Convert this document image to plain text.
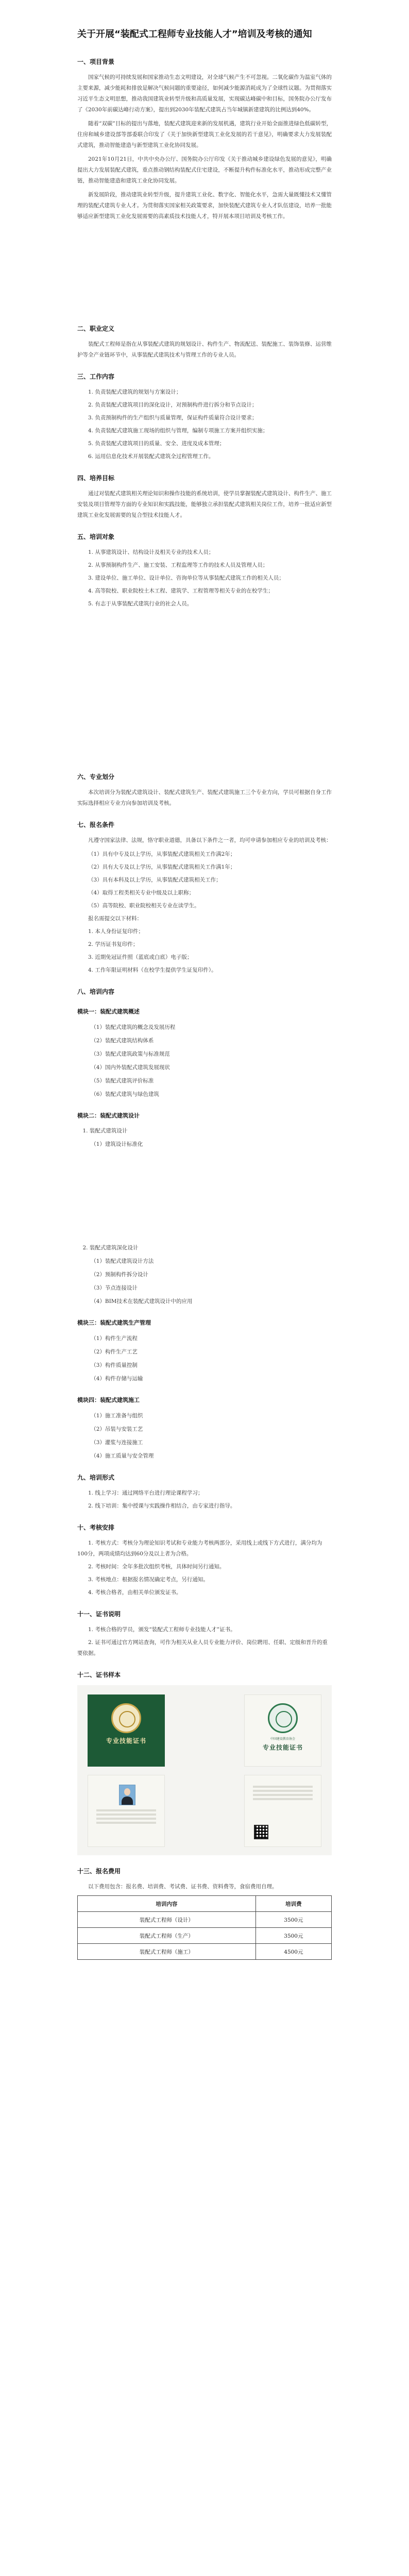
关于开展“装配式工程师专业技能人才”培训及考核的通知
一、项目背景

国家气候的可持续发展和国家推动生态文明建设，对全球气候产生不可忽视。二氧化碳作为温室气体的主要来源，减少能耗和排放是解决气候问题的重要途径，如何减少能源消耗成为了全球性议题。为贯彻落实习近平生态文明思想，推动我国建筑业转型升级和高质量发展，实现碳达峰碳中和目标，国务院办公厅发布了《2030年前碳达峰行动方案》，提出到2030年装配式建筑占当年城镇新建建筑的比例达到40%。

随着“双碳”目标的提出与落地，装配式建筑迎来新的发展机遇，建筑行业开始全面推进绿色低碳转型，住房和城乡建设部等部委联合印发了《关于加快新型建筑工业化发展的若干意见》，明确要求大力发展装配式建筑，推动智能建造与新型建筑工业化协同发展。

2021年10月21日，中共中央办公厅、国务院办公厅印发《关于推动城乡建设绿色发展的意见》，明确提出大力发展装配式建筑，重点推动钢结构装配式住宅建设，不断提升构件标准化水平，推动形成完整产业链，推动智能建造和建筑工业化协同发展。

新发展阶段，推动建筑业转型升级，提升建筑工业化、数字化、智能化水平，急需大量既懂技术又懂管理的装配式建筑专业人才。为贯彻落实国家相关政策要求，加快装配式建筑专业人才队伍建设，培养一批能够适应新型建筑工业化发展需要的高素质技术技能人才，特开展本项目培训及考核工作。

二、职业定义

装配式工程师是指在从事装配式建筑的规划设计、构件生产、物流配送、装配施工、装饰装修、运营维护等全产业链环节中，从事装配式建筑技术与管理工作的专业人员。

三、工作内容

1. 负责装配式建筑的规划与方案设计；

2. 负责装配式建筑项目的深化设计，对预制构件进行拆分和节点设计；

3. 负责预制构件的生产组织与质量管理，保证构件质量符合设计要求；

4. 负责装配式建筑施工现场的组织与管理，编制专项施工方案并组织实施；

5. 负责装配式建筑项目的质量、安全、进度及成本管理；

6. 运用信息化技术开展装配式建筑全过程管理工作。

四、培养目标

通过对装配式建筑相关理论知识和操作技能的系统培训，使学员掌握装配式建筑设计、构件生产、施工安装及项目管理等方面的专业知识和实践技能，能够独立承担装配式建筑相关岗位工作，培养一批适应新型建筑工业化发展需要的复合型技术技能人才。

五、培训对象

1. 从事建筑设计、结构设计及相关专业的技术人员；

2. 从事预制构件生产、施工安装、工程监理等工作的技术人员及管理人员；

3. 建设单位、施工单位、设计单位、咨询单位等从事装配式建筑工作的相关人员；

4. 高等院校、职业院校土木工程、建筑学、工程管理等相关专业的在校学生；

5. 有志于从事装配式建筑行业的社会人员。

六、专业划分

本次培训分为装配式建筑设计、装配式建筑生产、装配式建筑施工三个专业方向，学员可根据自身工作实际选择相应专业方向参加培训及考核。

七、报名条件

凡遵守国家法律、法规，恪守职业道德，具备以下条件之一者，均可申请参加相应专业的培训及考核：

（1）具有中专及以上学历，从事装配式建筑相关工作满2年；

（2）具有大专及以上学历，从事装配式建筑相关工作满1年；

（3）具有本科及以上学历，从事装配式建筑相关工作；

（4）取得工程类相关专业中级及以上职称；

（5）高等院校、职业院校相关专业在读学生。

报名需提交以下材料：

1. 本人身份证复印件；

2. 学历证书复印件；

3. 近期免冠证件照（蓝底或白底）电子版；

4. 工作年限证明材料（在校学生提供学生证复印件）。

八、培训内容
模块一：装配式建筑概述

（1）装配式建筑的概念及发展历程

（2）装配式建筑结构体系

（3）装配式建筑政策与标准规范

（4）国内外装配式建筑发展现状

（5）装配式建筑评价标准

（6）装配式建筑与绿色建筑

模块二：装配式建筑设计

1. 装配式建筑设计

（1）建筑设计标准化

2. 装配式建筑深化设计

（1）装配式建筑设计方法

（2）预制构件拆分设计

（3）节点连接设计

（4）BIM技术在装配式建筑设计中的应用

模块三：装配式建筑生产管理

（1）构件生产流程

（2）构件生产工艺

（3）构件质量控制

（4）构件存储与运输

模块四：装配式建筑施工

（1）施工准备与组织

（2）吊装与安装工艺

（3）灌浆与连接施工

（4）施工质量与安全管理

九、培训形式

1. 线上学习：通过网络平台进行理论课程学习；

2. 线下培训：集中授课与实践操作相结合，由专家进行指导。

十、考核安排

1. 考核方式：考核分为理论知识考试和专业能力考核两部分，采用线上或线下方式进行，满分均为100分，两项成绩均达到60分及以上者为合格。

2. 考核时间：全年多批次组织考核，具体时间另行通知。

3. 考核地点：根据报名情况确定考点，另行通知。

4. 考核合格者，由相关单位颁发证书。

十一、证书说明

1. 考核合格的学员，颁发“装配式工程师专业技能人才”证书。

2. 证书可通过官方网站查询，可作为相关从业人员专业能力评价、岗位聘用、任职、定级和晋升的重要依据。

十二、证书样本
专业技能证书	中国建设教育协会
专业技能证书
十三、报名费用

以下费用包含：报名费、培训费、考试费、证书费、资料费等，食宿费用自理。

培训内容	培训费
装配式工程师（设计）	3500元
装配式工程师（生产）	3500元
装配式工程师（施工）	4500元
